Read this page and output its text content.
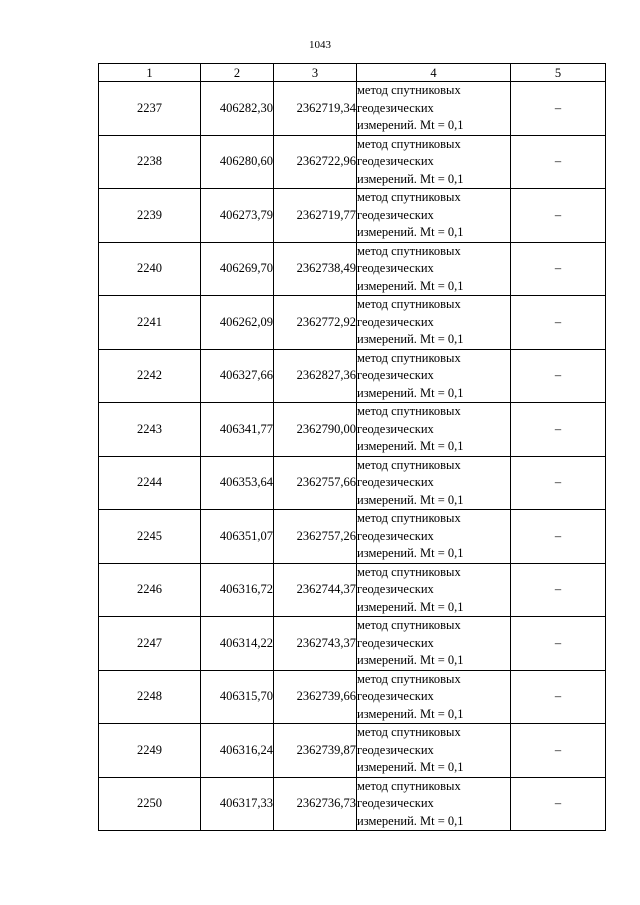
1043
1	2	3	4	5
2237	406282,30	2362719,34	метод спутниковых
геодезических
измерений. Mt = 0,1	–
2238	406280,60	2362722,96	метод спутниковых
геодезических
измерений. Mt = 0,1	–
2239	406273,79	2362719,77	метод спутниковых
геодезических
измерений. Mt = 0,1	–
2240	406269,70	2362738,49	метод спутниковых
геодезических
измерений. Mt = 0,1	–
2241	406262,09	2362772,92	метод спутниковых
геодезических
измерений. Mt = 0,1	–
2242	406327,66	2362827,36	метод спутниковых
геодезических
измерений. Mt = 0,1	–
2243	406341,77	2362790,00	метод спутниковых
геодезических
измерений. Mt = 0,1	–
2244	406353,64	2362757,66	метод спутниковых
геодезических
измерений. Mt = 0,1	–
2245	406351,07	2362757,26	метод спутниковых
геодезических
измерений. Mt = 0,1	–
2246	406316,72	2362744,37	метод спутниковых
геодезических
измерений. Mt = 0,1	–
2247	406314,22	2362743,37	метод спутниковых
геодезических
измерений. Mt = 0,1	–
2248	406315,70	2362739,66	метод спутниковых
геодезических
измерений. Mt = 0,1	–
2249	406316,24	2362739,87	метод спутниковых
геодезических
измерений. Mt = 0,1	–
2250	406317,33	2362736,73	метод спутниковых
геодезических
измерений. Mt = 0,1	–
